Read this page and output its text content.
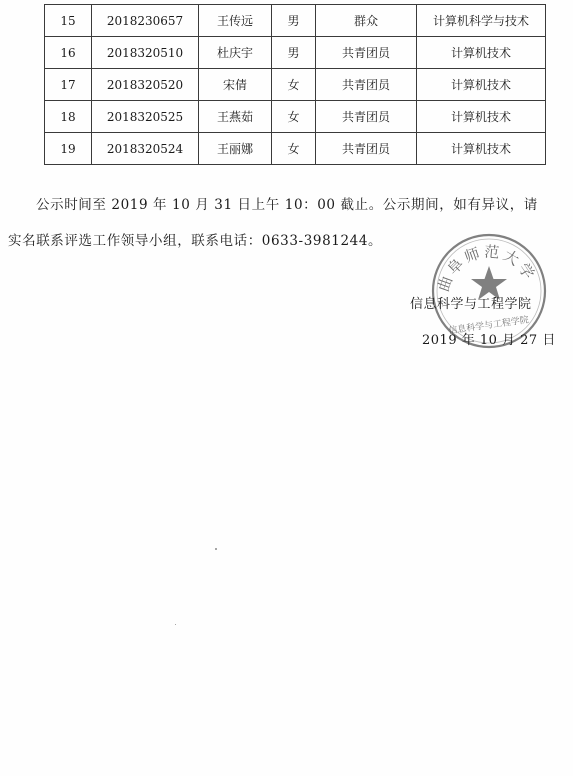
15	2018230657	王传远	男	群众	计算机科学与技术
16	2018320510	杜庆宇	男	共青团员	计算机技术
17	2018320520	宋倩	女	共青团员	计算机技术
18	2018320525	王燕茹	女	共青团员	计算机技术
19	2018320524	王丽娜	女	共青团员	计算机技术
公示时间至 2019 年 10 月 31 日上午 10：00 截止。公示期间，如有异议，请
实名联系评选工作领导小组，联系电话：0633-3981244。
曲阜师范大学
信息科学与工程学院
信息科学与工程学院
2019 年 10 月 27 日
